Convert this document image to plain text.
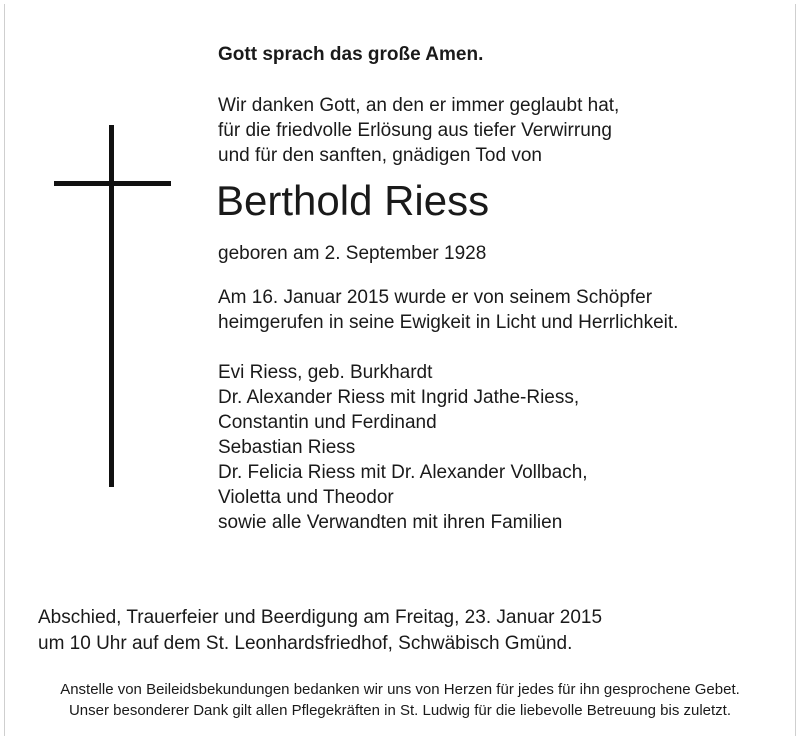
Gott sprach das große Amen.

Wir danken Gott, an den er immer geglaubt hat,
für die friedvolle Erlösung aus tiefer Verwirrung
und für den sanften, gnädigen Tod von

Berthold Riess

geboren am 2. September 1928

Am 16. Januar 2015 wurde er von seinem Schöpfer
heimgerufen in seine Ewigkeit in Licht und Herrlichkeit.
Evi Riess, geb. Burkhardt
Dr. Alexander Riess mit Ingrid Jathe-Riess,
Constantin und Ferdinand
Sebastian Riess
Dr. Felicia Riess mit Dr. Alexander Vollbach,
Violetta und Theodor
sowie alle Verwandten mit ihren Familien
Abschied, Trauerfeier und Beerdigung am Freitag, 23. Januar 2015
um 10 Uhr auf dem St. Leonhardsfriedhof, Schwäbisch Gmünd.
Anstelle von Beileidsbekundungen bedanken wir uns von Herzen für jedes für ihn gesprochene Gebet.
Unser besonderer Dank gilt allen Pflegekräften in St. Ludwig für die liebevolle Betreuung bis zuletzt.
